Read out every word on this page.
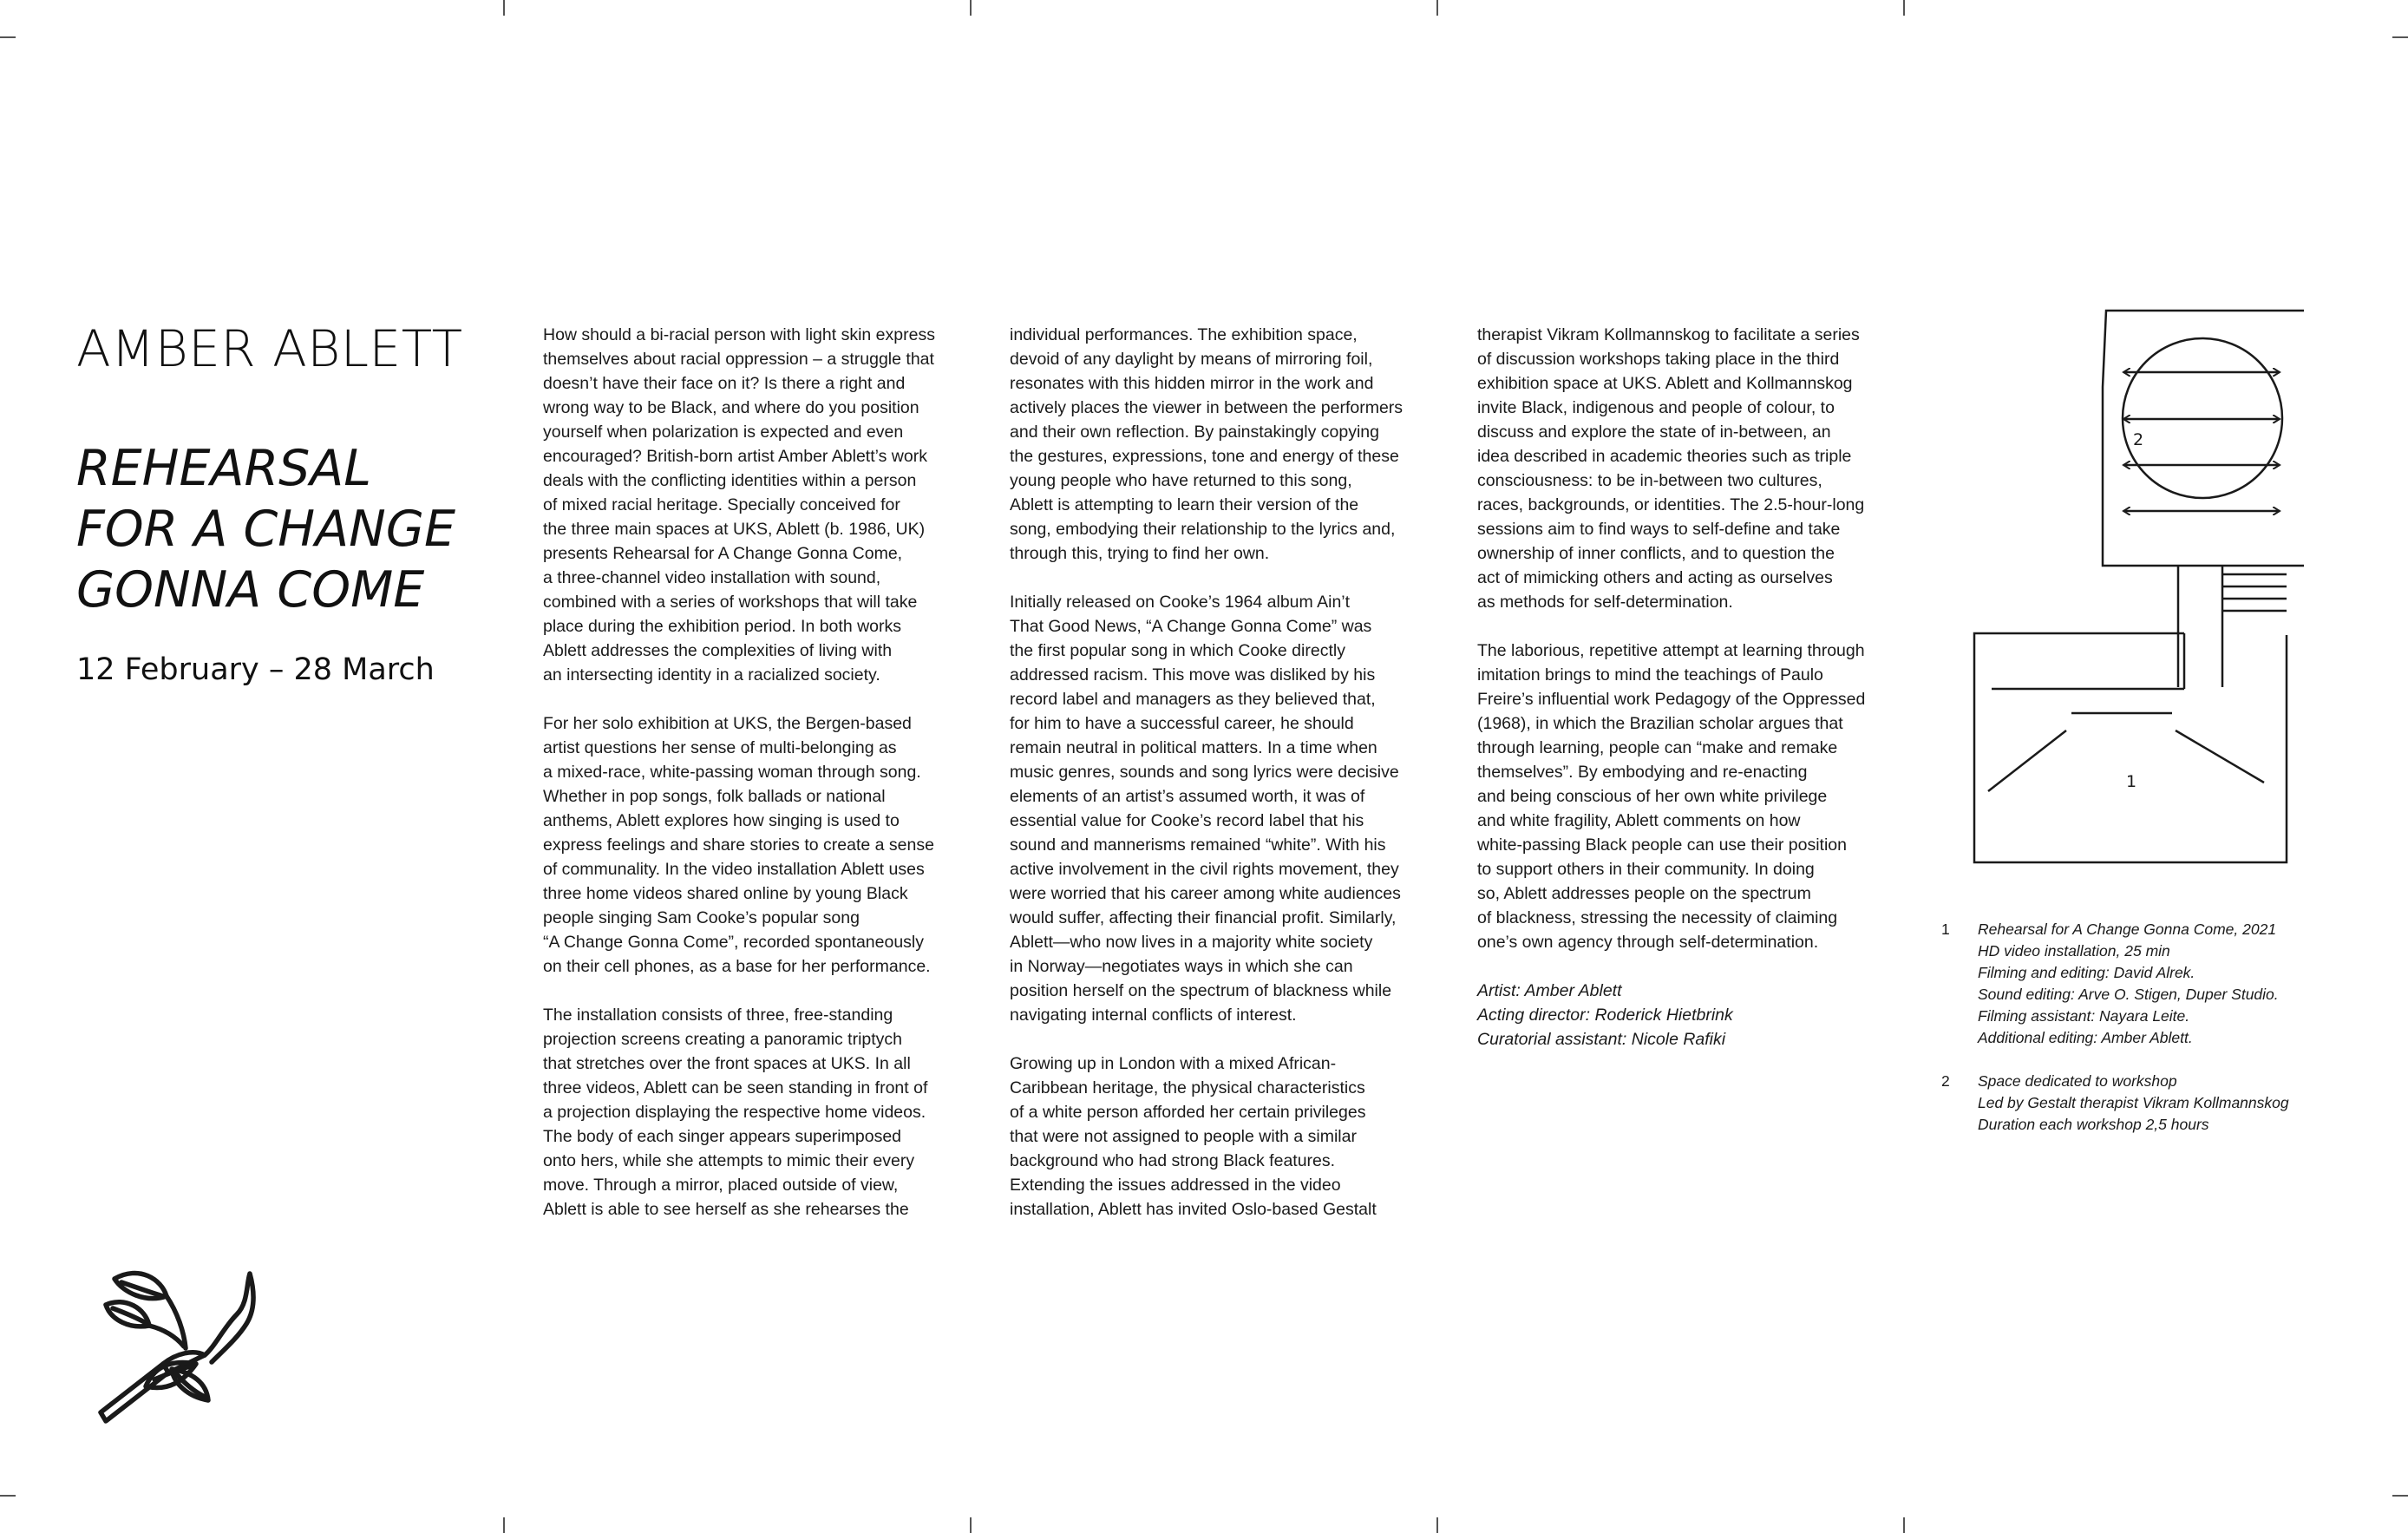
AMBER ABLETT
REHEARSAL
FOR A CHANGE
GONNA COME
12 February – 28 March

How should a bi-racial person with light skin express
themselves about racial oppression – a struggle that
doesn’t have their face on it? Is there a right and
wrong way to be Black, and where do you position
yourself when polarization is expected and even
encouraged? British-born artist Amber Ablett’s work
deals with the conflicting identities within a person
of mixed racial heritage. Specially conceived for
the three main spaces at UKS, Ablett (b. 1986, UK)
presents Rehearsal for A Change Gonna Come,
a three-channel video installation with sound,
combined with a series of workshops that will take
place during the exhibition period. In both works
Ablett addresses the complexities of living with
an intersecting identity in a racialized society.

For her solo exhibition at UKS, the Bergen-based
artist questions her sense of multi-belonging as
a mixed-race, white-passing woman through song.
Whether in pop songs, folk ballads or national
anthems, Ablett explores how singing is used to
express feelings and share stories to create a sense
of communality. In the video installation Ablett uses
three home videos shared online by young Black
people singing Sam Cooke’s popular song
“A Change Gonna Come”, recorded spontaneously
on their cell phones, as a base for her performance.

The installation consists of three, free-standing
projection screens creating a panoramic triptych
that stretches over the front spaces at UKS. In all
three videos, Ablett can be seen standing in front of
a projection displaying the respective home videos.
The body of each singer appears superimposed
onto hers, while she attempts to mimic their every
move. Through a mirror, placed outside of view,
Ablett is able to see herself as she rehearses the

individual performances. The exhibition space,
devoid of any daylight by means of mirroring foil,
resonates with this hidden mirror in the work and
actively places the viewer in between the performers
and their own reflection. By painstakingly copying
the gestures, expressions, tone and energy of these
young people who have returned to this song,
Ablett is attempting to learn their version of the
song, embodying their relationship to the lyrics and,
through this, trying to find her own.

Initially released on Cooke’s 1964 album Ain’t
That Good News, “A Change Gonna Come” was
the first popular song in which Cooke directly
addressed racism. This move was disliked by his
record label and managers as they believed that,
for him to have a successful career, he should
remain neutral in political matters. In a time when
music genres, sounds and song lyrics were decisive
elements of an artist’s assumed worth, it was of
essential value for Cooke’s record label that his
sound and mannerisms remained “white”. With his
active involvement in the civil rights movement, they
were worried that his career among white audiences
would suffer, affecting their financial profit. Similarly,
Ablett—who now lives in a majority white society
in Norway—negotiates ways in which she can
position herself on the spectrum of blackness while
navigating internal conflicts of interest.

Growing up in London with a mixed African-
Caribbean heritage, the physical characteristics
of a white person afforded her certain privileges
that were not assigned to people with a similar
background who had strong Black features.
Extending the issues addressed in the video
installation, Ablett has invited Oslo-based Gestalt

therapist Vikram Kollmannskog to facilitate a series
of discussion workshops taking place in the third
exhibition space at UKS. Ablett and Kollmannskog
invite Black, indigenous and people of colour, to
discuss and explore the state of in-between, an
idea described in academic theories such as triple
consciousness: to be in-between two cultures,
races, backgrounds, or identities. The 2.5-hour-long
sessions aim to find ways to self-define and take
ownership of inner conflicts, and to question the
act of mimicking others and acting as ourselves
as methods for self-determination.

The laborious, repetitive attempt at learning through
imitation brings to mind the teachings of Paulo
Freire’s influential work Pedagogy of the Oppressed
(1968), in which the Brazilian scholar argues that
through learning, people can “make and remake
themselves”. By embodying and re-enacting
and being conscious of her own white privilege
and white fragility, Ablett comments on how
white-passing Black people can use their position
to support others in their community. In doing
so, Ablett addresses people on the spectrum
of blackness, stressing the necessity of claiming
one’s own agency through self-determination.

Artist: Amber Ablett
Acting director: Roderick Hietbrink
Curatorial assistant: Nicole Rafiki
2
1
1 Rehearsal for A Change Gonna Come, 2021
HD video installation, 25 min
Filming and editing: David Alrek.
Sound editing: Arve O. Stigen, Duper Studio.
Filming assistant: Nayara Leite.
Additional editing: Amber Ablett.
2 Space dedicated to workshop
Led by Gestalt therapist Vikram Kollmannskog
Duration each workshop 2,5 hours
